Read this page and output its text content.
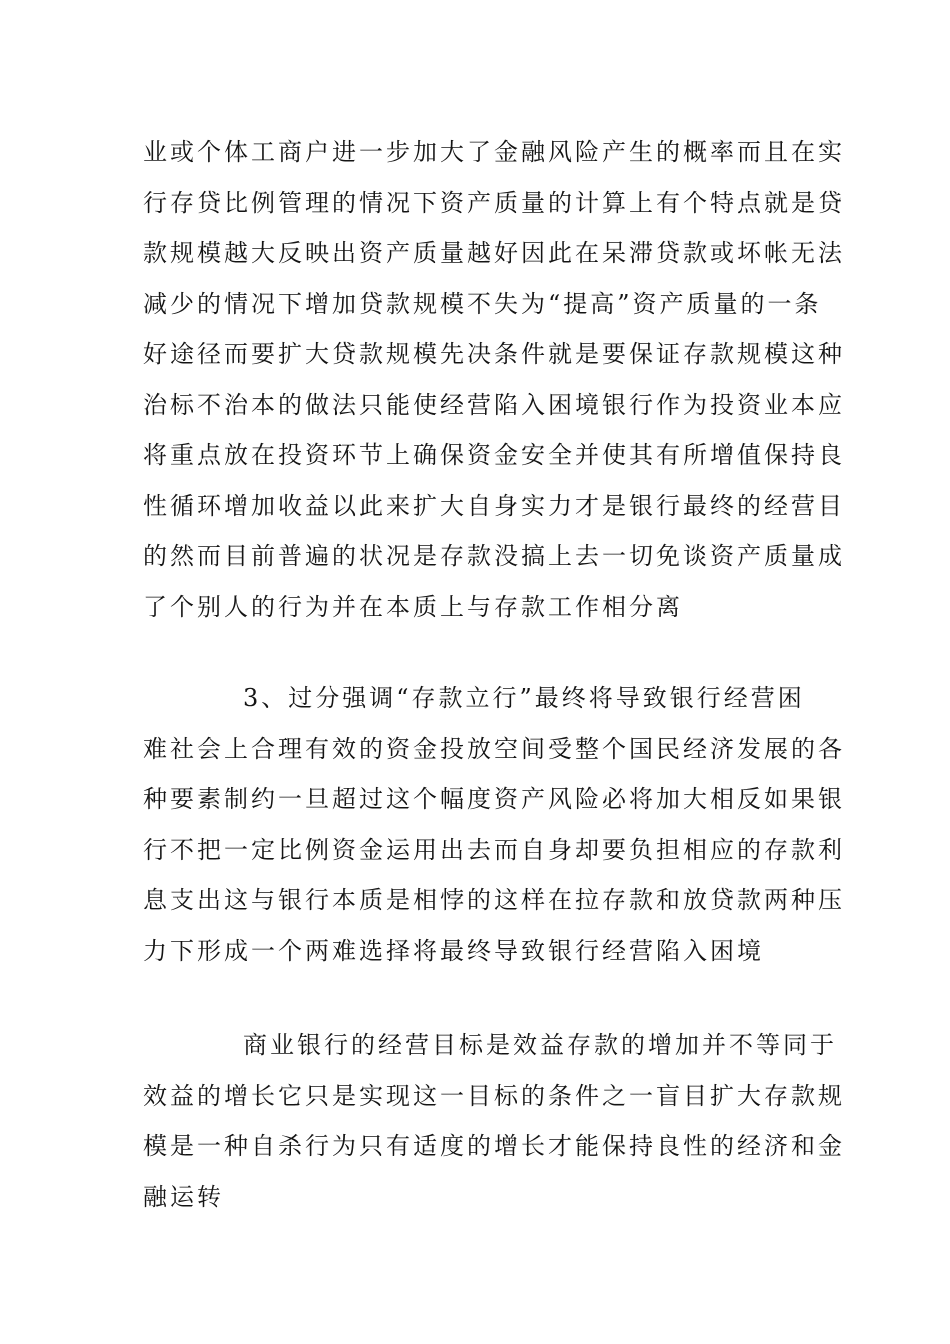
业或个体工商户进一步加大了金融风险产生的概率而且在实
行存贷比例管理的情况下资产质量的计算上有个特点就是贷
款规模越大反映出资产质量越好因此在呆滞贷款或坏帐无法
减少的情况下增加贷款规模不失为“提高”资产质量的一条
好途径而要扩大贷款规模先决条件就是要保证存款规模这种
治标不治本的做法只能使经营陷入困境银行作为投资业本应
将重点放在投资环节上确保资金安全并使其有所增值保持良
性循环增加收益以此来扩大自身实力才是银行最终的经营目
的然而目前普遍的状况是存款没搞上去一切免谈资产质量成
了个别人的行为并在本质上与存款工作相分离
3、过分强调“存款立行”最终将导致银行经营困
难社会上合理有效的资金投放空间受整个国民经济发展的各
种要素制约一旦超过这个幅度资产风险必将加大相反如果银
行不把一定比例资金运用出去而自身却要负担相应的存款利
息支出这与银行本质是相悖的这样在拉存款和放贷款两种压
力下形成一个两难选择将最终导致银行经营陷入困境
商业银行的经营目标是效益存款的增加并不等同于
效益的增长它只是实现这一目标的条件之一盲目扩大存款规
模是一种自杀行为只有适度的增长才能保持良性的经济和金
融运转
